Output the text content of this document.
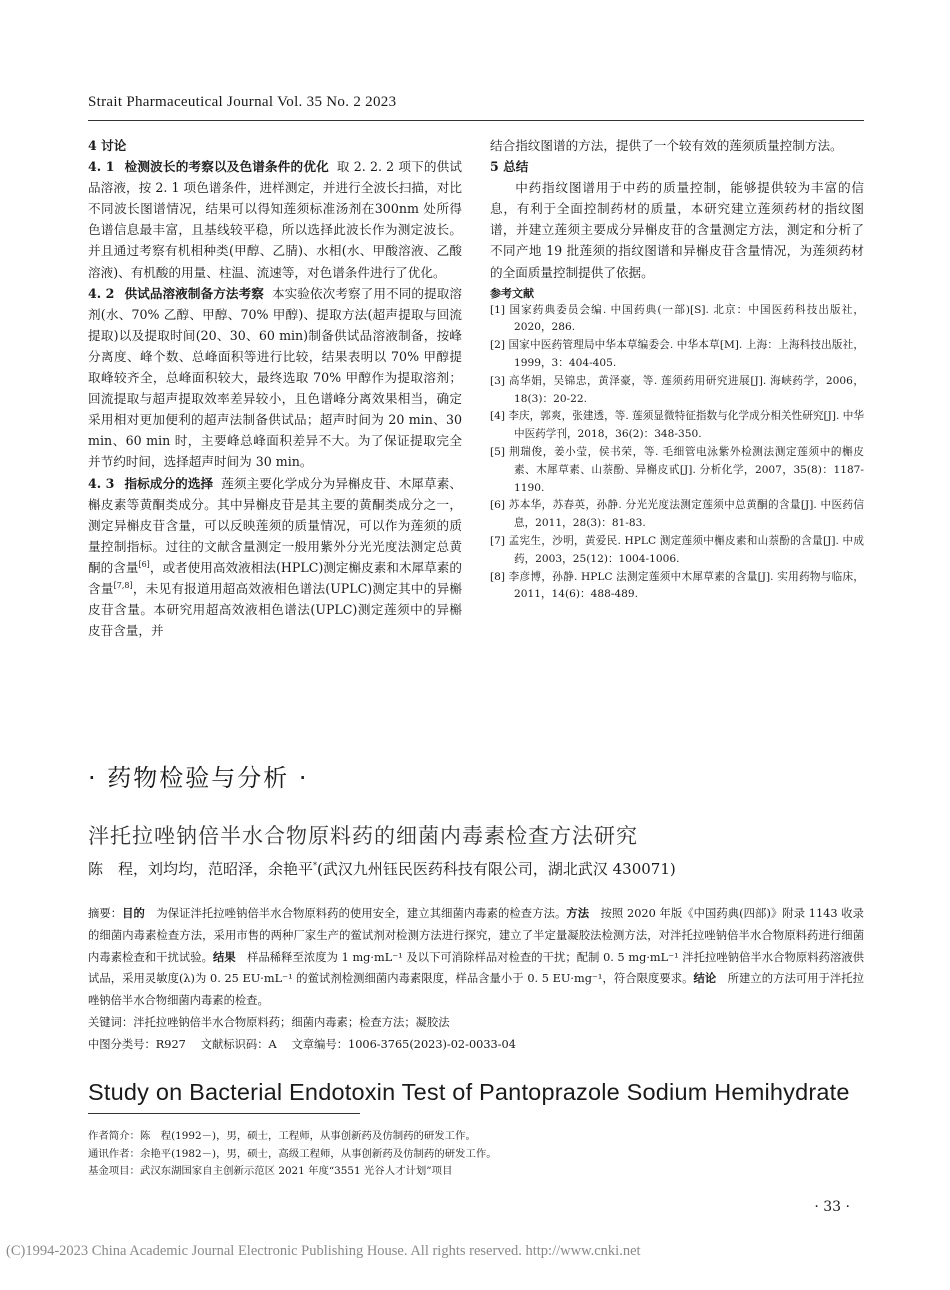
Strait Pharmaceutical Journal Vol. 35 No. 2 2023

4 讨论

4. 1 检测波长的考察以及色谱条件的优化 取 2. 2. 2 项下的供试品溶液，按 2. 1 项色谱条件，进样测定，并进行全波长扫描，对比不同波长图谱情况，结果可以得知莲须标准汤剂在300nm 处所得色谱信息最丰富，且基线较平稳，所以选择此波长作为测定波长。并且通过考察有机相种类(甲醇、乙腈)、水相(水、甲酸溶液、乙酸溶液)、有机酸的用量、柱温、流速等，对色谱条件进行了优化。

4. 2 供试品溶液制备方法考察 本实验依次考察了用不同的提取溶剂(水、70% 乙醇、甲醇、70% 甲醇)、提取方法(超声提取与回流提取)以及提取时间(20、30、60 min)制备供试品溶液制备，按峰分离度、峰个数、总峰面积等进行比较，结果表明以 70% 甲醇提取峰较齐全，总峰面积较大，最终选取 70% 甲醇作为提取溶剂；回流提取与超声提取效率差异较小，且色谱峰分离效果相当，确定采用相对更加便利的超声法制备供试品；超声时间为 20 min、30 min、60 min 时，主要峰总峰面积差异不大。为了保证提取完全并节约时间，选择超声时间为 30 min。

4. 3 指标成分的选择 莲须主要化学成分为异槲皮苷、木犀草素、槲皮素等黄酮类成分。其中异槲皮苷是其主要的黄酮类成分之一，测定异槲皮苷含量，可以反映莲须的质量情况，可以作为莲须的质量控制指标。过往的文献含量测定一般用紫外分光光度法测定总黄酮的含量[6]，或者使用高效液相法(HPLC)测定槲皮素和木犀草素的含量[7,8]，未见有报道用超高效液相色谱法(UPLC)测定其中的异槲皮苷含量。本研究用超高效液相色谱法(UPLC)测定莲须中的异槲皮苷含量，并

结合指纹图谱的方法，提供了一个较有效的莲须质量控制方法。

5 总结

中药指纹图谱用于中药的质量控制，能够提供较为丰富的信息，有利于全面控制药材的质量，本研究建立莲须药材的指纹图谱，并建立莲须主要成分异槲皮苷的含量测定方法，测定和分析了不同产地 19 批莲须的指纹图谱和异槲皮苷含量情况，为莲须药材的全面质量控制提供了依据。

参考文献

[1] 国家药典委员会编. 中国药典(一部)[S]. 北京：中国医药科技出版社，2020，286.

[2] 国家中医药管理局中华本草编委会. 中华本草[M]. 上海：上海科技出版社，1999，3：404-405.

[3] 高华娟，吴锦忠，黄泽豪，等. 莲须药用研究进展[J]. 海峡药学，2006，18(3)：20-22.

[4] 李庆，郭爽，张建透，等. 莲须显微特征指数与化学成分相关性研究[J]. 中华中医药学刊，2018，36(2)：348-350.

[5] 荆瑞俊，姜小莹，侯书荣，等. 毛细管电泳紫外检测法测定莲须中的槲皮素、木犀草素、山萘酚、异槲皮甙[J]. 分析化学，2007，35(8)：1187-1190.

[6] 苏本华，苏春英，孙静. 分光光度法测定莲须中总黄酮的含量[J]. 中医药信息，2011，28(3)：81-83.

[7] 孟宪生，沙明，黄爱民. HPLC 测定莲须中槲皮素和山萘酚的含量[J]. 中成药，2003，25(12)：1004-1006.

[8] 李彦博，孙静. HPLC 法测定莲须中木犀草素的含量[J]. 实用药物与临床，2011，14(6)：488-489.

· 药物检验与分析 ·
泮托拉唑钠倍半水合物原料药的细菌内毒素检查方法研究
陈　程，刘均均，范昭泽，余艳平*(武汉九州钰民医药科技有限公司，湖北武汉 430071)

摘要：目的　 为保证泮托拉唑钠倍半水合物原料药的使用安全，建立其细菌内毒素的检查方法。方法　 按照 2020 年版《中国药典(四部)》附录 1143 收录的细菌内毒素检查方法，采用市售的两种厂家生产的鲎试剂对检测方法进行探究，建立了半定量凝胶法检测方法，对泮托拉唑钠倍半水合物原料药进行细菌内毒素检查和干扰试验。结果　 样品稀释至浓度为 1 mg·mL⁻¹ 及以下可消除样品对检查的干扰；配制 0. 5 mg·mL⁻¹ 泮托拉唑钠倍半水合物原料药溶液供试品，采用灵敏度(λ)为 0. 25 EU·mL⁻¹ 的鲎试剂检测细菌内毒素限度，样品含量小于 0. 5 EU·mg⁻¹，符合限度要求。结论　 所建立的方法可用于泮托拉唑钠倍半水合物细菌内毒素的检查。

关键词：泮托拉唑钠倍半水合物原料药；细菌内毒素；检查方法；凝胶法

中图分类号：R927　 文献标识码：A　 文章编号：1006-3765(2023)-02-0033-04

Study on Bacterial Endotoxin Test of Pantoprazole Sodium Hemihydrate

作者简介：陈　程(1992－)，男，硕士，工程师，从事创新药及仿制药的研发工作。

通讯作者：余艳平(1982－)，男，硕士，高级工程师，从事创新药及仿制药的研发工作。

基金项目：武汉东湖国家自主创新示范区 2021 年度“3551 光谷人才计划”项目

· 33 ·
(C)1994-2023 China Academic Journal Electronic Publishing House. All rights reserved. http://www.cnki.net
